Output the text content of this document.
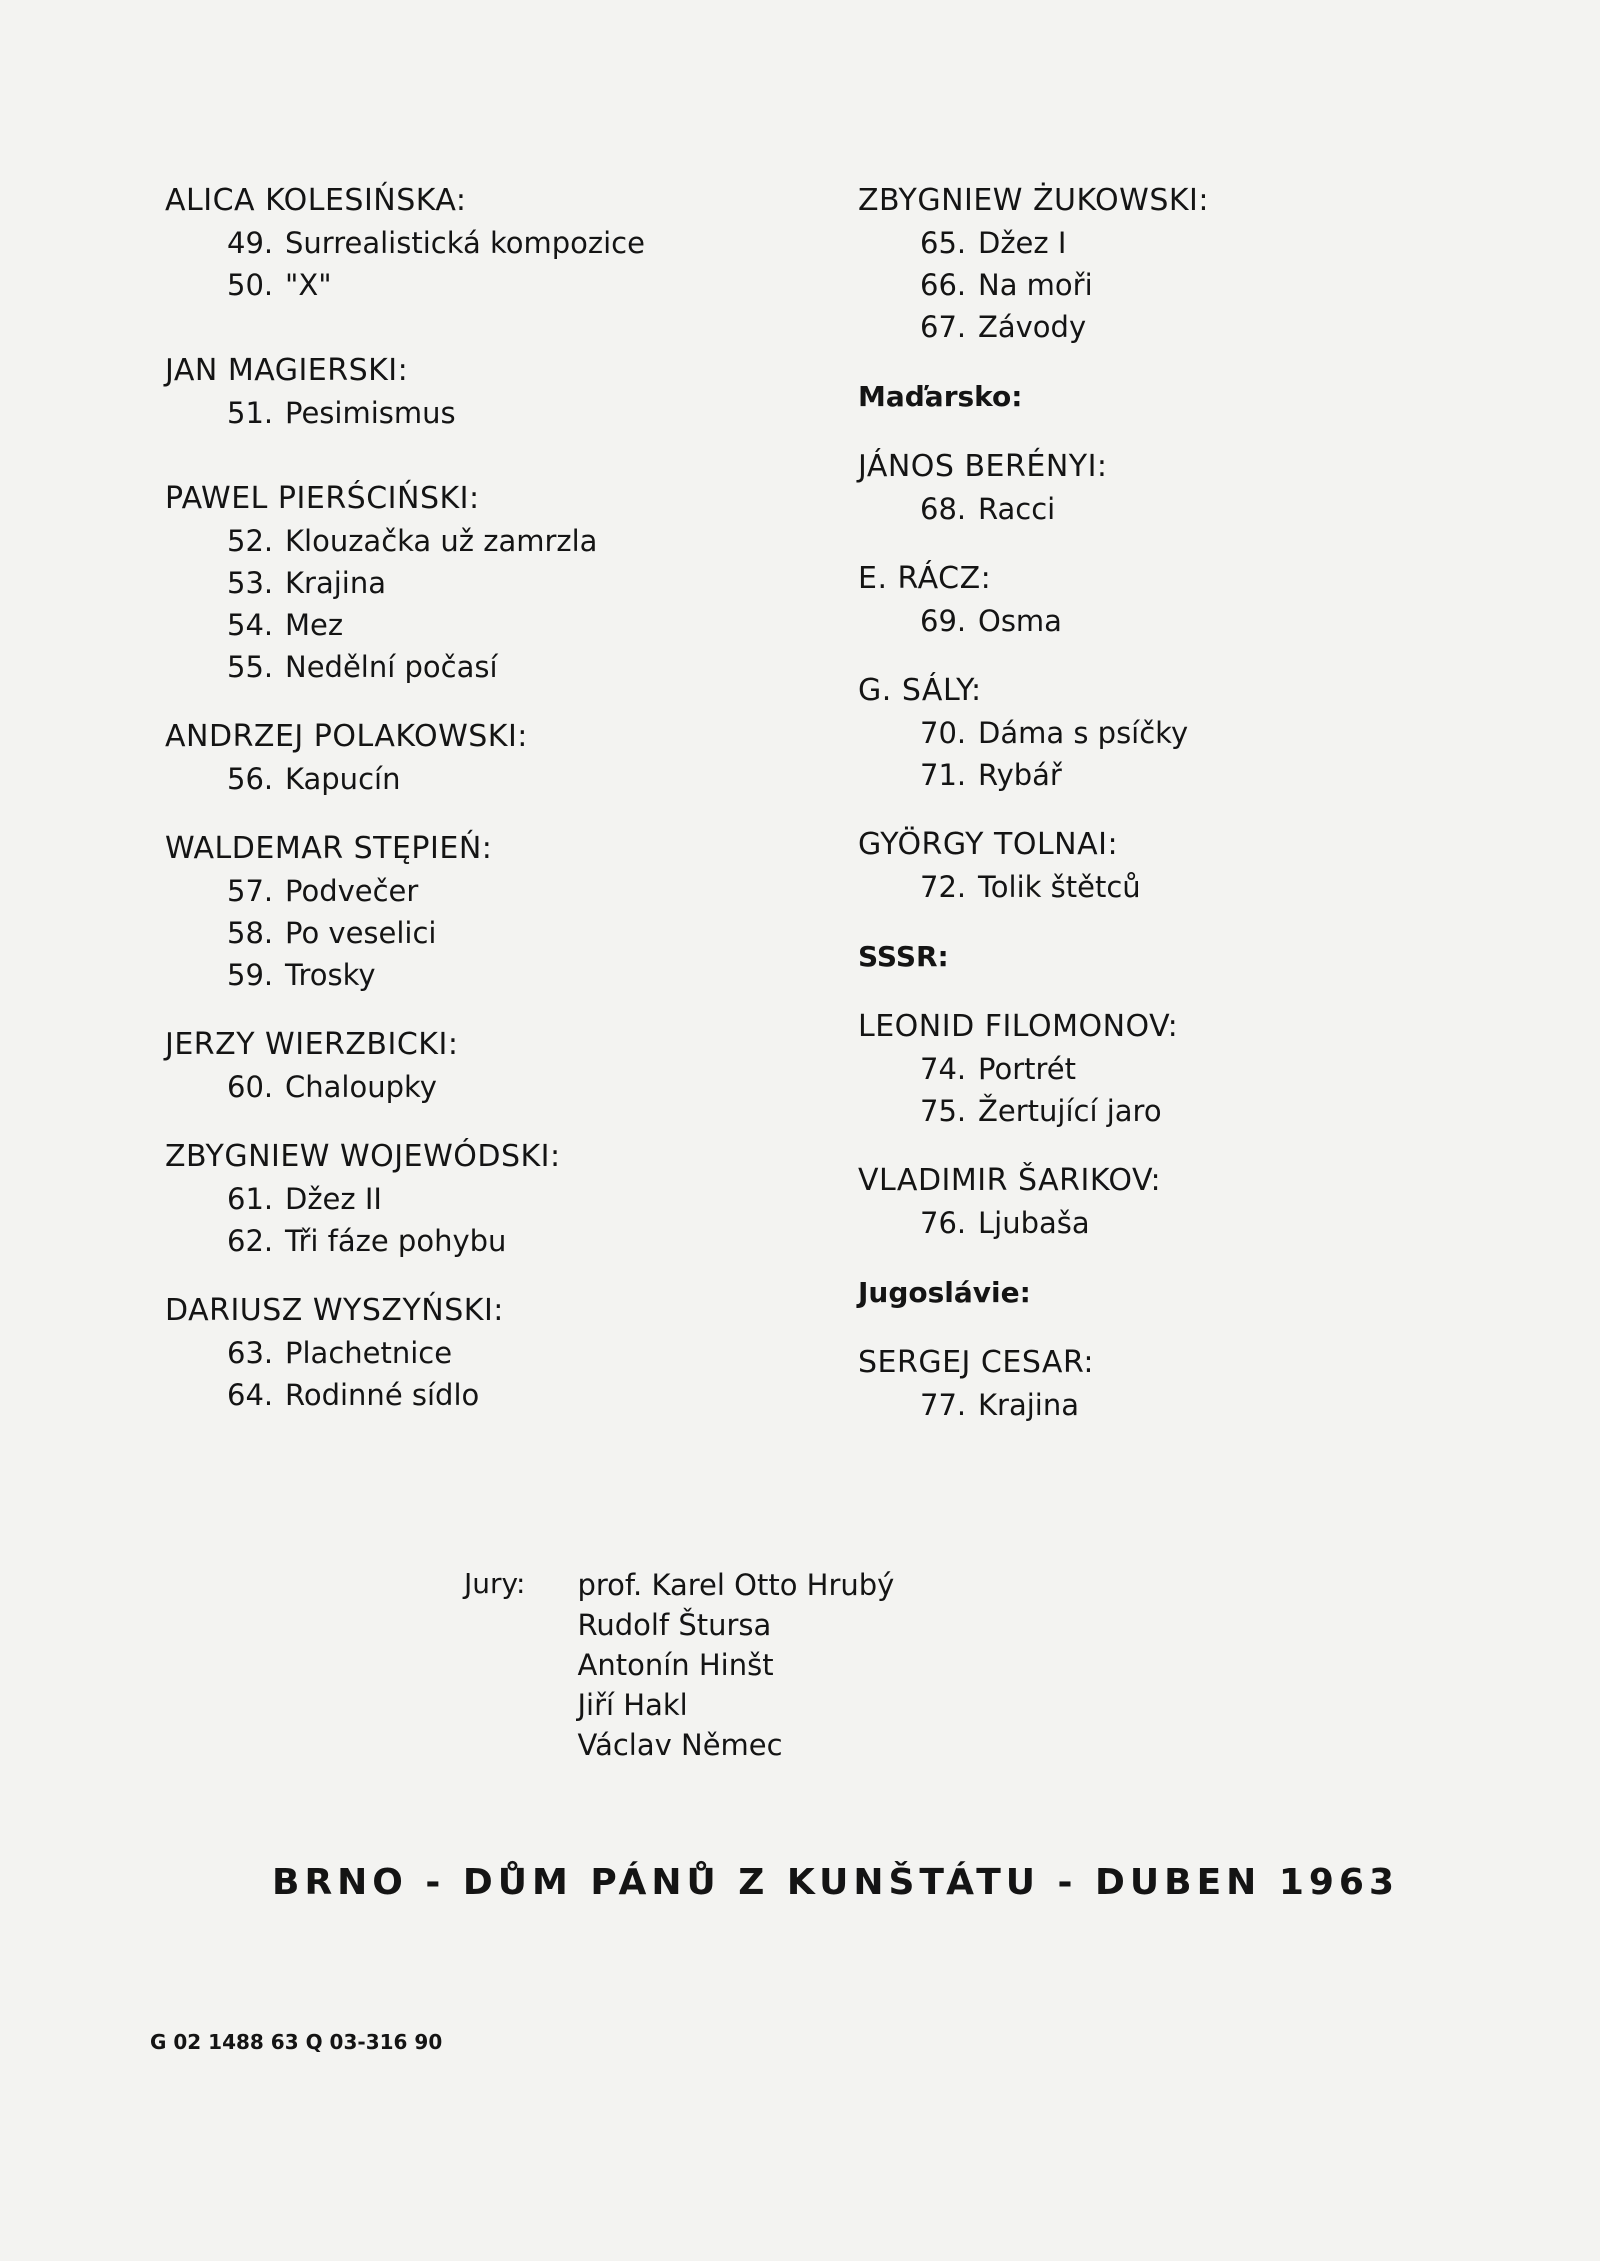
ALICA KOLESIŃSKA:
49. Surrealistická kompozice
50. "X"
JAN MAGIERSKI:
51. Pesimismus
PAWEL PIERŚCIŃSKI:
52. Klouzačka už zamrzla
53. Krajina
54. Mez
55. Nedělní počasí
ANDRZEJ POLAKOWSKI:
56. Kapucín
WALDEMAR STĘPIEŃ:
57. Podvečer
58. Po veselici
59. Trosky
JERZY WIERZBICKI:
60. Chaloupky
ZBYGNIEW WOJEWÓDSKI:
61. Džez II
62. Tři fáze pohybu
DARIUSZ WYSZYŃSKI:
63. Plachetnice
64. Rodinné sídlo
ZBYGNIEW ŻUKOWSKI:
65. Džez I
66. Na moři
67. Závody
Maďarsko:
JÁNOS BERÉNYI:
68. Racci
E. RÁCZ:
69. Osma
G. SÁLY:
70. Dáma s psíčky
71. Rybář
GYÖRGY TOLNAI:
72. Tolik štětců
SSSR:
LEONID FILOMONOV:
74. Portrét
75. Žertující jaro
VLADIMIR ŠARIKOV:
76. Ljubaša
Jugoslávie:
SERGEJ CESAR:
77. Krajina
Jury: prof. Karel Otto Hrubý
Rudolf Štursa
Antonín Hinšt
Jiří Hakl
Václav Němec
BRNO - DŮM PÁNŮ Z KUNŠTÁTU - DUBEN 1963
G 02 1488 63 Q 03-316 90
